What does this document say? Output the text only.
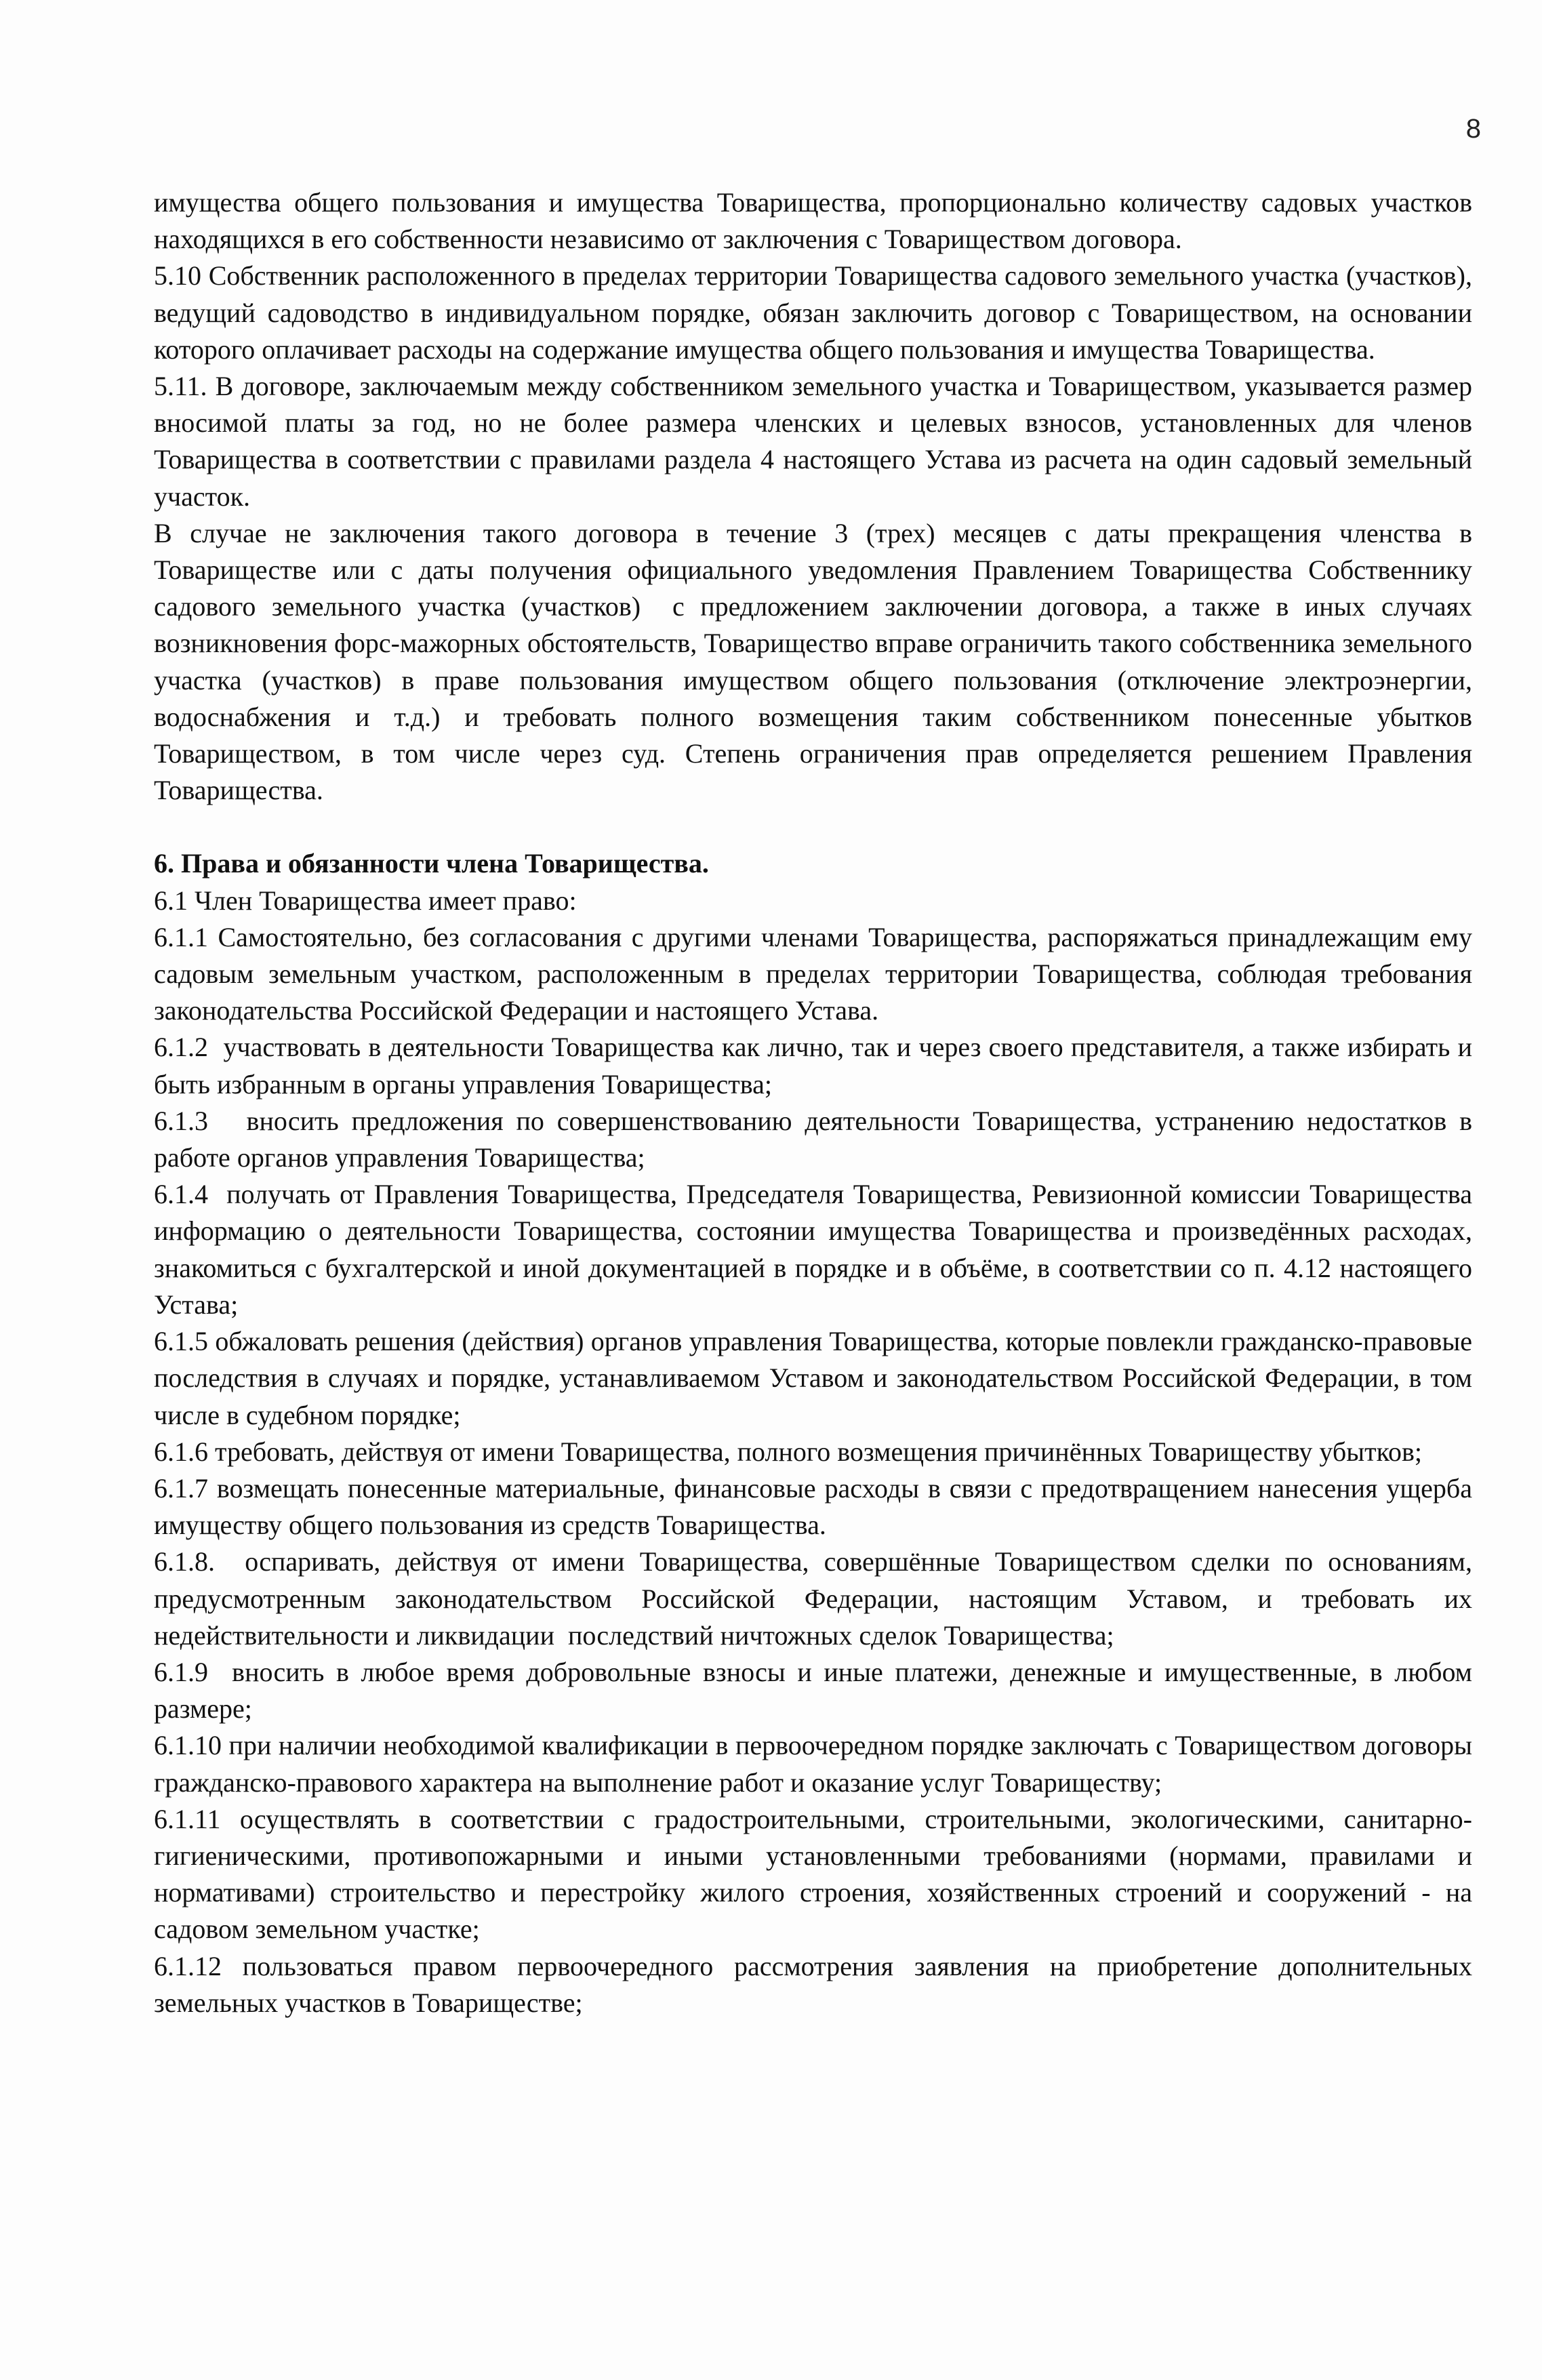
8

имущества общего пользования и имущества Товарищества, пропорционально количеству садовых участков находящихся в его собственности независимо от заключения с Товариществом договора.

5.10 Собственник расположенного в пределах территории Товарищества садового земельного участка (участков), ведущий садоводство в индивидуальном порядке, обязан заключить договор с Товариществом, на основании которого оплачивает расходы на содержание имущества общего пользования и имущества Товарищества.

5.11. В договоре, заключаемым между собственником земельного участка и Товариществом, указывается размер вносимой платы за год, но не более размера членских и целевых взносов, установленных для членов Товарищества в соответствии с правилами раздела 4 настоящего Устава из расчета на один садовый земельный участок.

В случае не заключения такого договора в течение 3 (трех) месяцев с даты прекращения членства в Товариществе или с даты получения официального уведомления Правлением Товарищества Собственнику садового земельного участка (участков)  с предложением заключении договора, а также в иных случаях возникновения форс-мажорных обстоятельств, Товарищество вправе ограничить такого собственника земельного участка (участков) в праве пользования имуществом общего пользования (отключение электроэнергии, водоснабжения и т.д.) и требовать полного возмещения таким собственником понесенные убытков Товариществом, в том числе через суд. Степень ограничения прав определяется решением Правления Товарищества.

6. Права и обязанности члена Товарищества.

6.1 Член Товарищества имеет право:

6.1.1 Самостоятельно, без согласования с другими членами Товарищества, распоряжаться принадлежащим ему садовым земельным участком, расположенным в пределах территории Товарищества, соблюдая требования законодательства Российской Федерации и настоящего Устава.

6.1.2  участвовать в деятельности Товарищества как лично, так и через своего представителя, а также избирать и быть избранным в органы управления Товарищества;

6.1.3   вносить предложения по совершенствованию деятельности Товарищества, устранению недостатков в работе органов управления Товарищества;

6.1.4  получать от Правления Товарищества, Председателя Товарищества, Ревизионной комиссии Товарищества информацию о деятельности Товарищества, состоянии имущества Товарищества и произведённых расходах, знакомиться с бухгалтерской и иной документацией в порядке и в объёме, в соответствии со п. 4.12 настоящего Устава;

6.1.5 обжаловать решения (действия) органов управления Товарищества, которые повлекли гражданско-правовые последствия в случаях и порядке, устанавливаемом Уставом и законодательством Российской Федерации, в том числе в судебном порядке;

6.1.6 требовать, действуя от имени Товарищества, полного возмещения причинённых Товариществу убытков;

6.1.7 возмещать понесенные материальные, финансовые расходы в связи с предотвращением нанесения ущерба имуществу общего пользования из средств Товарищества.

6.1.8.  оспаривать, действуя от имени Товарищества, совершённые Товариществом сделки по основаниям, предусмотренным законодательством Российской Федерации, настоящим Уставом, и требовать их недействительности и ликвидации  последствий ничтожных сделок Товарищества;

6.1.9  вносить в любое время добровольные взносы и иные платежи, денежные и имущественные, в любом размере;

6.1.10 при наличии необходимой квалификации в первоочередном порядке заключать с Товариществом договоры гражданско-правового характера на выполнение работ и оказание услуг Товариществу;

6.1.11 осуществлять в соответствии с градостроительными, строительными, экологическими, санитарно-гигиеническими, противопожарными и иными установленными требованиями (нормами, правилами и нормативами) строительство и перестройку жилого строения, хозяйственных строений и сооружений - на садовом земельном участке;

6.1.12 пользоваться правом первоочередного рассмотрения заявления на приобретение дополнительных земельных участков в Товариществе;
